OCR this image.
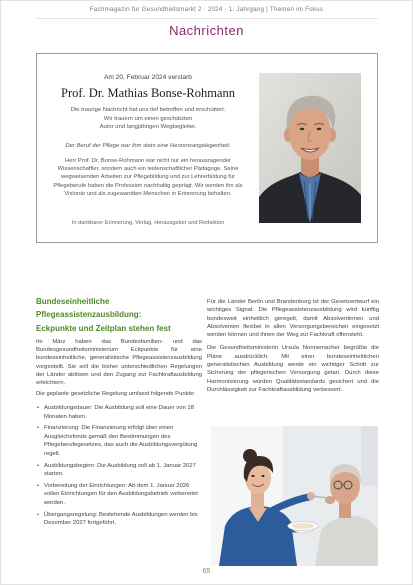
Fachmagazin für Gesundheitsmarkt 2 · 2024 · 1. Jahrgang | Themen im Fokus
Nachrichten
Am 20. Februar 2024 verstarb
Prof. Dr. Mathias Bonse-Rohmann
Die traurige Nachricht hat uns tief betroffen und erschüttert.
Wir trauern um einen geschätzten
Autor und langjährigen Wegbegleiter.
Der Beruf der Pflege war ihm stets eine Herzensangelegenheit.
Herr Prof. Dr. Bonse-Rohmann war nicht nur ein herausragender Wissenschaftler, sondern auch ein leidenschaftlicher Pädagoge. Seine wegweisenden Arbeiten zur Pflegebildung und zur Lehrerbildung für Pflegeberufe haben die Profession nachhaltig geprägt. Wir werden ihn als Visionär und als zugewandten Menschen in Erinnerung behalten.
In dankbarer Erinnerung, Verlag, Herausgeber und Redaktion
Bundeseinheitliche
Pflegeassistenzausbildung:
Eckpunkte und Zeitplan stehen fest

Im März haben das Bundesfamilien- und das Bundesgesundheitsministerium Eckpunkte für eine bundeseinheitliche, generalistische Pflegeassistenzausbildung vorgestellt. Sie soll die bisher unterschiedlichen Regelungen der Länder ablösen und den Zugang zur Fachkraftausbildung erleichtern.

Die geplante gesetzliche Regelung umfasst folgende Punkte:

• Ausbildungsdauer: Die Ausbildung soll eine Dauer von 18 Monaten haben.
• Finanzierung: Die Finanzierung erfolgt über einen Ausgleichsfonds gemäß den Bestimmungen des Pflegeberufegesetzes, das auch die Ausbildungsvergütung regelt.
• Ausbildungsbeginn: Die Ausbildung soll ab 1. Januar 2027 starten.
• Vorbereitung der Einrichtungen: Ab dem 1. Januar 2026 sollen Einrichtungen für den Ausbildungsbetrieb vorbereitet werden.
• Übergangsregelung: Bestehende Ausbildungen werden bis Dezember 2027 fortgeführt.

Für die Länder Berlin und Brandenburg ist der Gesetzentwurf ein wichtiges Signal: Die Pflegeassistenzausbildung wird künftig bundesweit einheitlich geregelt, damit Absolventinnen und Absolventen flexibel in allen Versorgungsbereichen eingesetzt werden können und ihnen der Weg zur Fachkraft offensteht.

Die Gesundheitsministerin Ursula Nonnemacher begrüßte die Pläne ausdrücklich. Mit einer bundeseinheitlichen generalistischen Ausbildung werde ein wichtiger Schritt zur Sicherung der pflegerischen Versorgung getan. Durch diese Harmonisierung würden Qualitätsstandards gesichert und die Durchlässigkeit zur Fachkraftausbildung verbessert.

65
